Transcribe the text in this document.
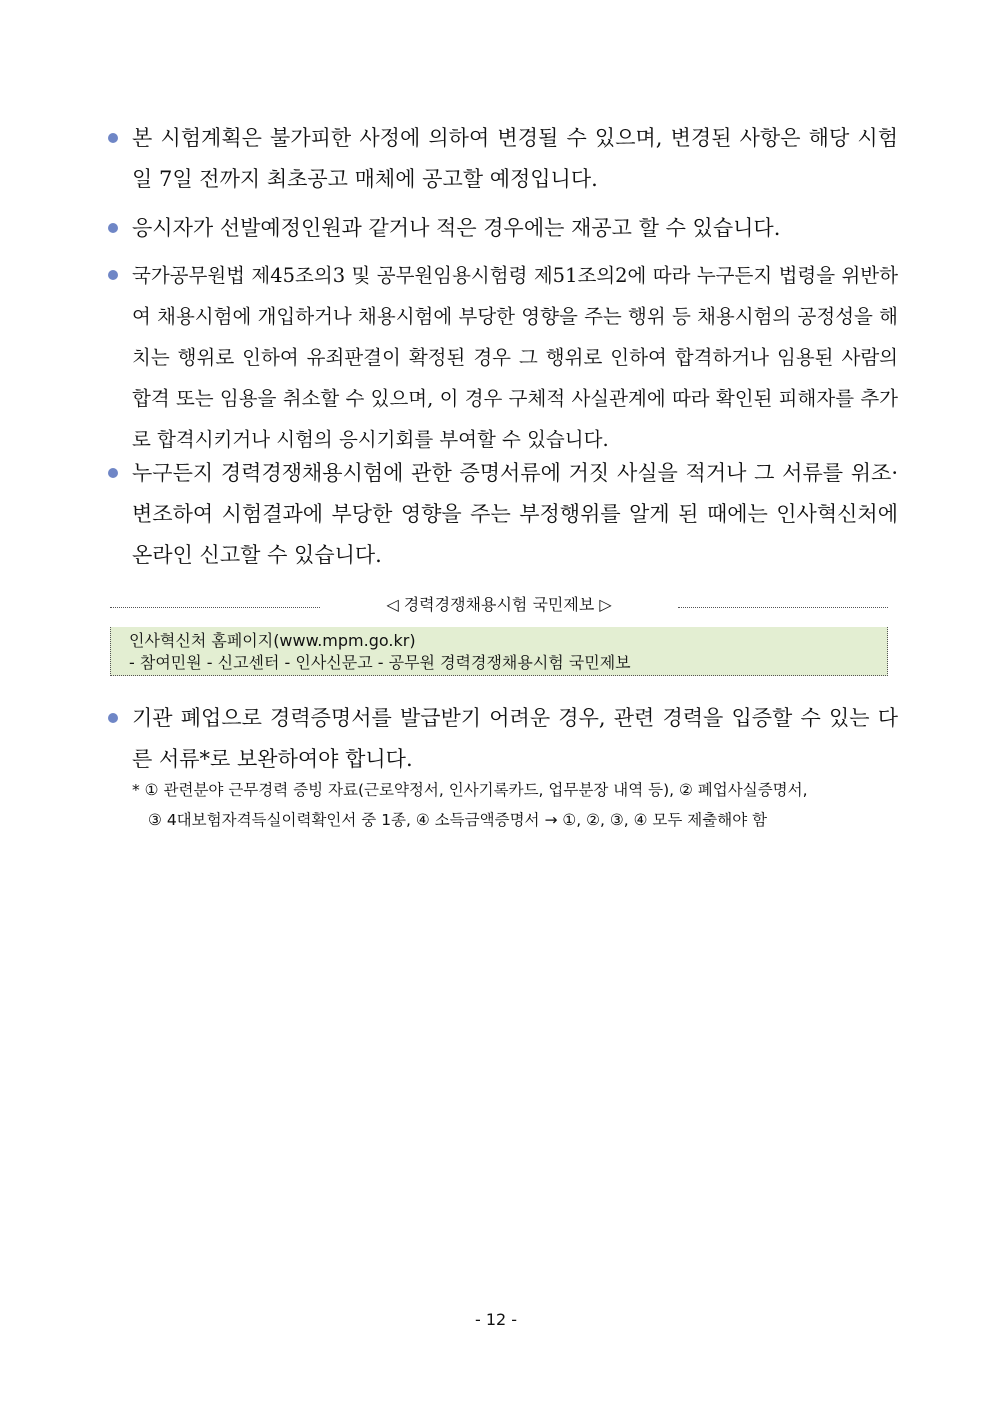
본 시험계획은 불가피한 사정에 의하여 변경될 수 있으며, 변경된 사항은 해당 시험일 7일 전까지 최초공고 매체에 공고할 예정입니다.
응시자가 선발예정인원과 같거나 적은 경우에는 재공고 할 수 있습니다.
국가공무원법 제45조의3 및 공무원임용시험령 제51조의2에 따라 누구든지 법령을 위반하여 채용시험에 개입하거나 채용시험에 부당한 영향을 주는 행위 등 채용시험의 공정성을 해치는 행위로 인하여 유죄판결이 확정된 경우 그 행위로 인하여 합격하거나 임용된 사람의 합격 또는 임용을 취소할 수 있으며, 이 경우 구체적 사실관계에 따라 확인된 피해자를 추가로 합격시키거나 시험의 응시기회를 부여할 수 있습니다.
누구든지 경력경쟁채용시험에 관한 증명서류에 거짓 사실을 적거나 그 서류를 위조·변조하여 시험결과에 부당한 영향을 주는 부정행위를 알게 된 때에는 인사혁신처에 온라인 신고할 수 있습니다.
◁ 경력경쟁채용시험 국민제보 ▷
인사혁신처 홈페이지(www.mpm.go.kr)
- 참여민원 - 신고센터 - 인사신문고 - 공무원 경력경쟁채용시험 국민제보
기관 폐업으로 경력증명서를 발급받기 어려운 경우, 관련 경력을 입증할 수 있는 다른 서류*로 보완하여야 합니다.
* ① 관련분야 근무경력 증빙 자료(근로약정서, 인사기록카드, 업무분장 내역 등), ② 폐업사실증명서,
③ 4대보험자격득실이력확인서 중 1종, ④ 소득금액증명서 → ①, ②, ③, ④ 모두 제출해야 함
- 12 -
